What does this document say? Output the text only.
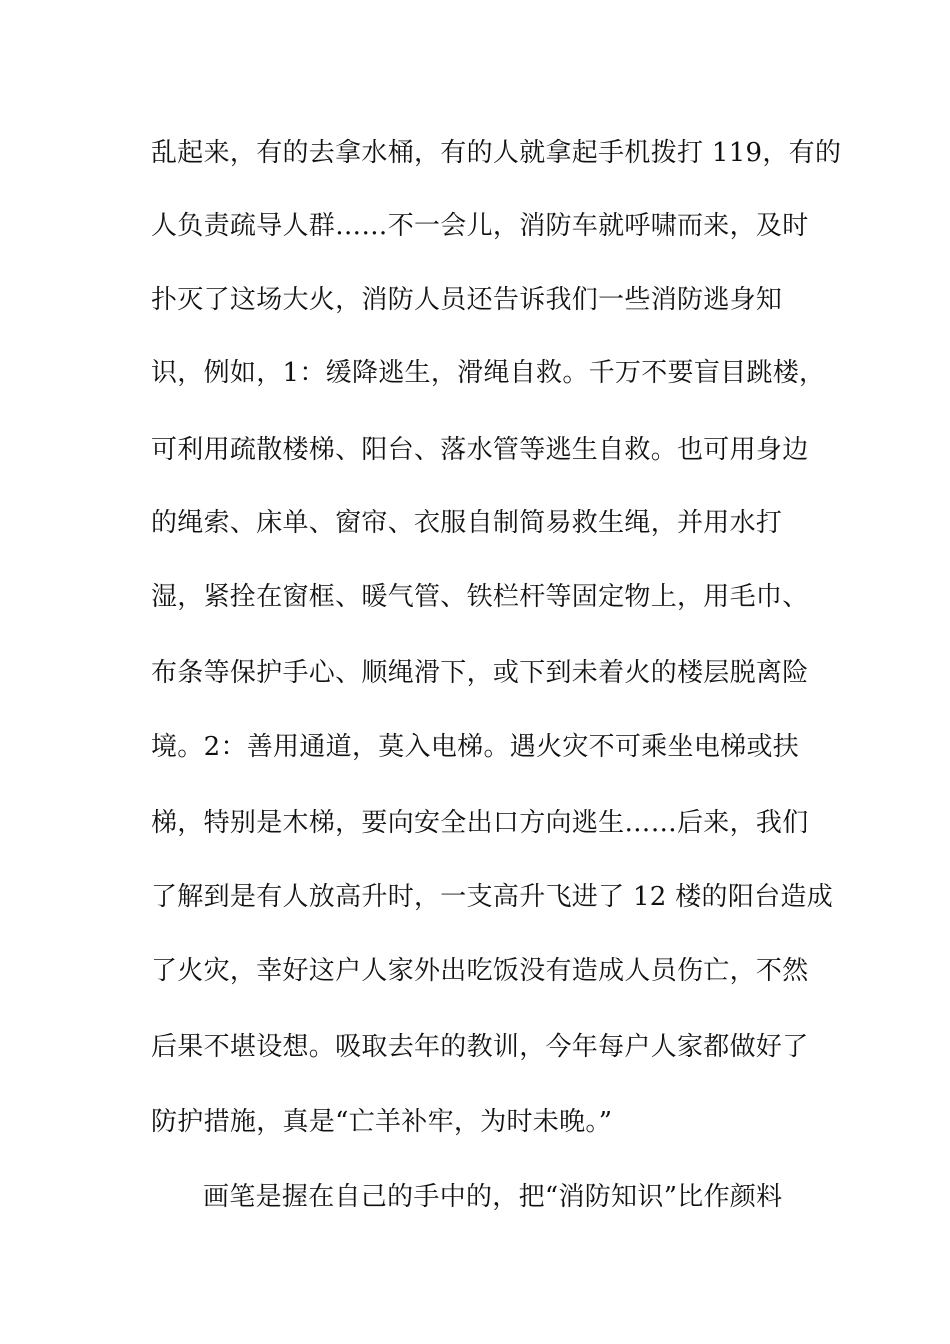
乱起来，有的去拿水桶，有的人就拿起手机拨打 119，有的
人负责疏导人群……不一会儿，消防车就呼啸而来，及时
扑灭了这场大火，消防人员还告诉我们一些消防逃身知
识，例如，1：缓降逃生，滑绳自救。千万不要盲目跳楼，
可利用疏散楼梯、阳台、落水管等逃生自救。也可用身边
的绳索、床单、窗帘、衣服自制简易救生绳，并用水打
湿，紧拴在窗框、暖气管、铁栏杆等固定物上，用毛巾、
布条等保护手心、顺绳滑下，或下到未着火的楼层脱离险
境。2：善用通道，莫入电梯。遇火灾不可乘坐电梯或扶
梯，特别是木梯，要向安全出口方向逃生……后来，我们
了解到是有人放高升时，一支高升飞进了 12 楼的阳台造成
了火灾，幸好这户人家外出吃饭没有造成人员伤亡，不然
后果不堪设想。吸取去年的教训，今年每户人家都做好了
防护措施，真是“亡羊补牢，为时未晚。”
画笔是握在自己的手中的，把“消防知识”比作颜料
